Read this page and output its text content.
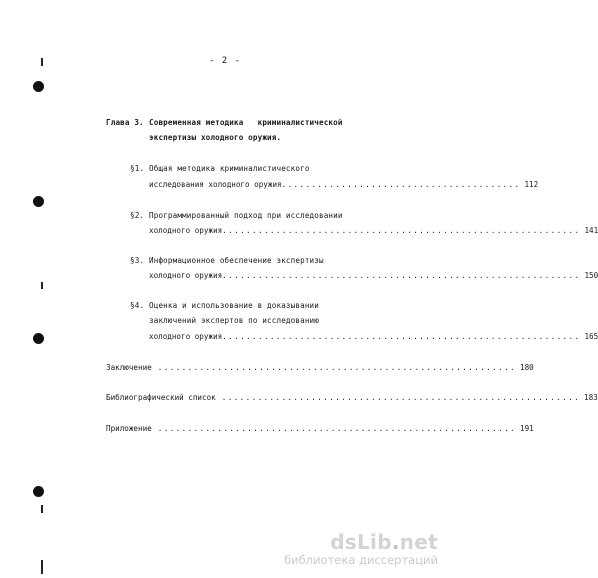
- 2 -
Глава 3. Современная методика   криминалистической
экспертизы холодного оружия.
§1. Общая методика криминалистического
исследования холодного оружия ........................................ 112
§2. Программированный подход при исследовании
холодного оружия ............................................................ 141
§3. Информационное обеспечение экспертизы
холодного оружия ............................................................ 150
§4. Оценка и использование в доказывании
заключений экспертов по исследованию
холодного оружия ............................................................ 165
Заключение ............................................................ 180
Библиографический список ............................................................ 183
Приложение ............................................................ 191
dsLib.net
библиотека диссертаций
